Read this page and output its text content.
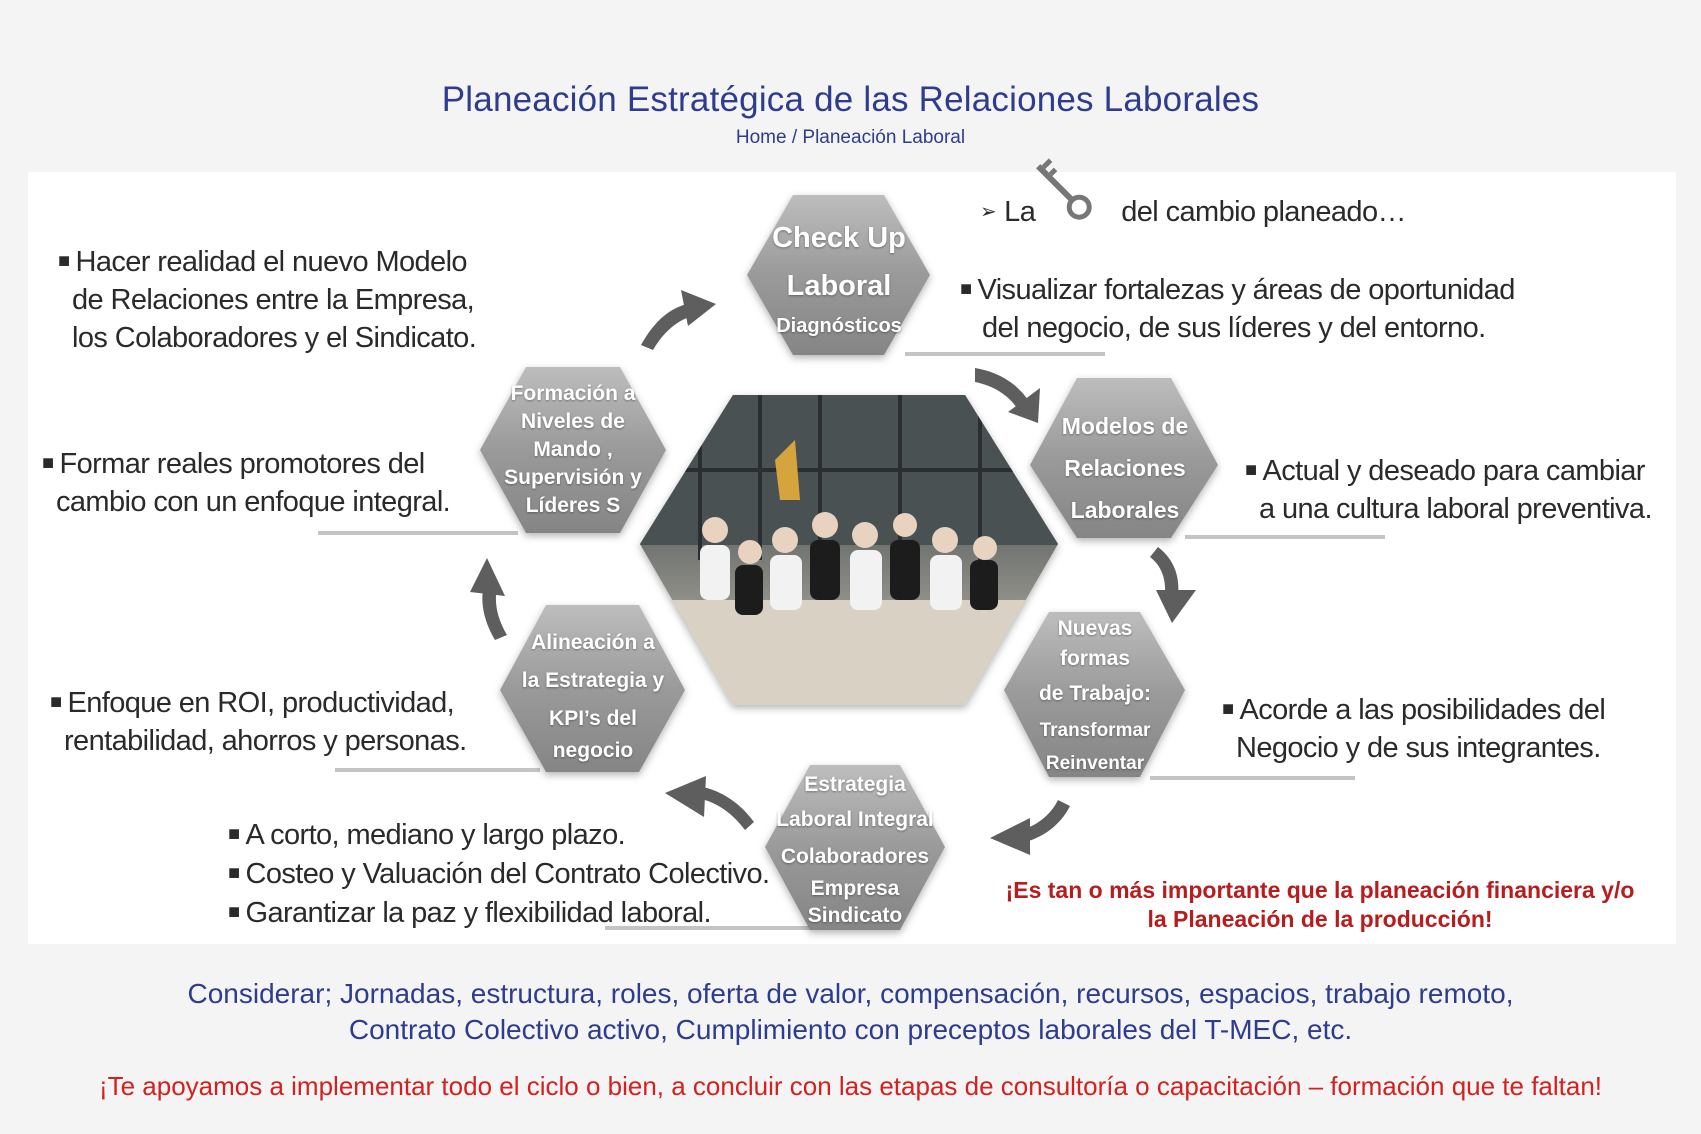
Planeación Estratégica de las Relaciones Laborales
Home / Planeación Laboral
Check Up
Laboral
Diagnósticos
Modelos de
Relaciones
Laborales
Nuevas
formas
de Trabajo:
Transformar
Reinventar
Estrategia
Laboral Integral
Colaboradores
Empresa
Sindicato
Alineación a
la Estrategia y
KPI’s del
negocio
Formación a
Niveles de
Mando ,
Supervisión y
Líderes S
➢ La	del cambio planeado…
■ Hacer realidad el nuevo Modelo
de Relaciones entre la Empresa,
los Colaboradores y el Sindicato.
■ Visualizar fortalezas y áreas de oportunidad
del negocio, de sus líderes y del entorno.
■ Formar reales promotores del
cambio con un enfoque integral.
■ Actual y deseado para cambiar
a una cultura laboral preventiva.
■ Enfoque en ROI, productividad,
rentabilidad, ahorros y personas.
■ Acorde a las posibilidades del
Negocio y de sus integrantes.
■ A corto, mediano y largo plazo.
■ Costeo y Valuación del Contrato Colectivo.
■ Garantizar la paz y flexibilidad laboral.
¡Es tan o más importante que la planeación financiera y/o
la Planeación de la producción!
Considerar; Jornadas, estructura, roles, oferta de valor, compensación, recursos, espacios, trabajo remoto,
Contrato Colectivo activo, Cumplimiento con preceptos laborales del T-MEC, etc.
¡Te apoyamos a implementar todo el ciclo o bien, a concluir con las etapas de consultoría o capacitación – formación que te faltan!
